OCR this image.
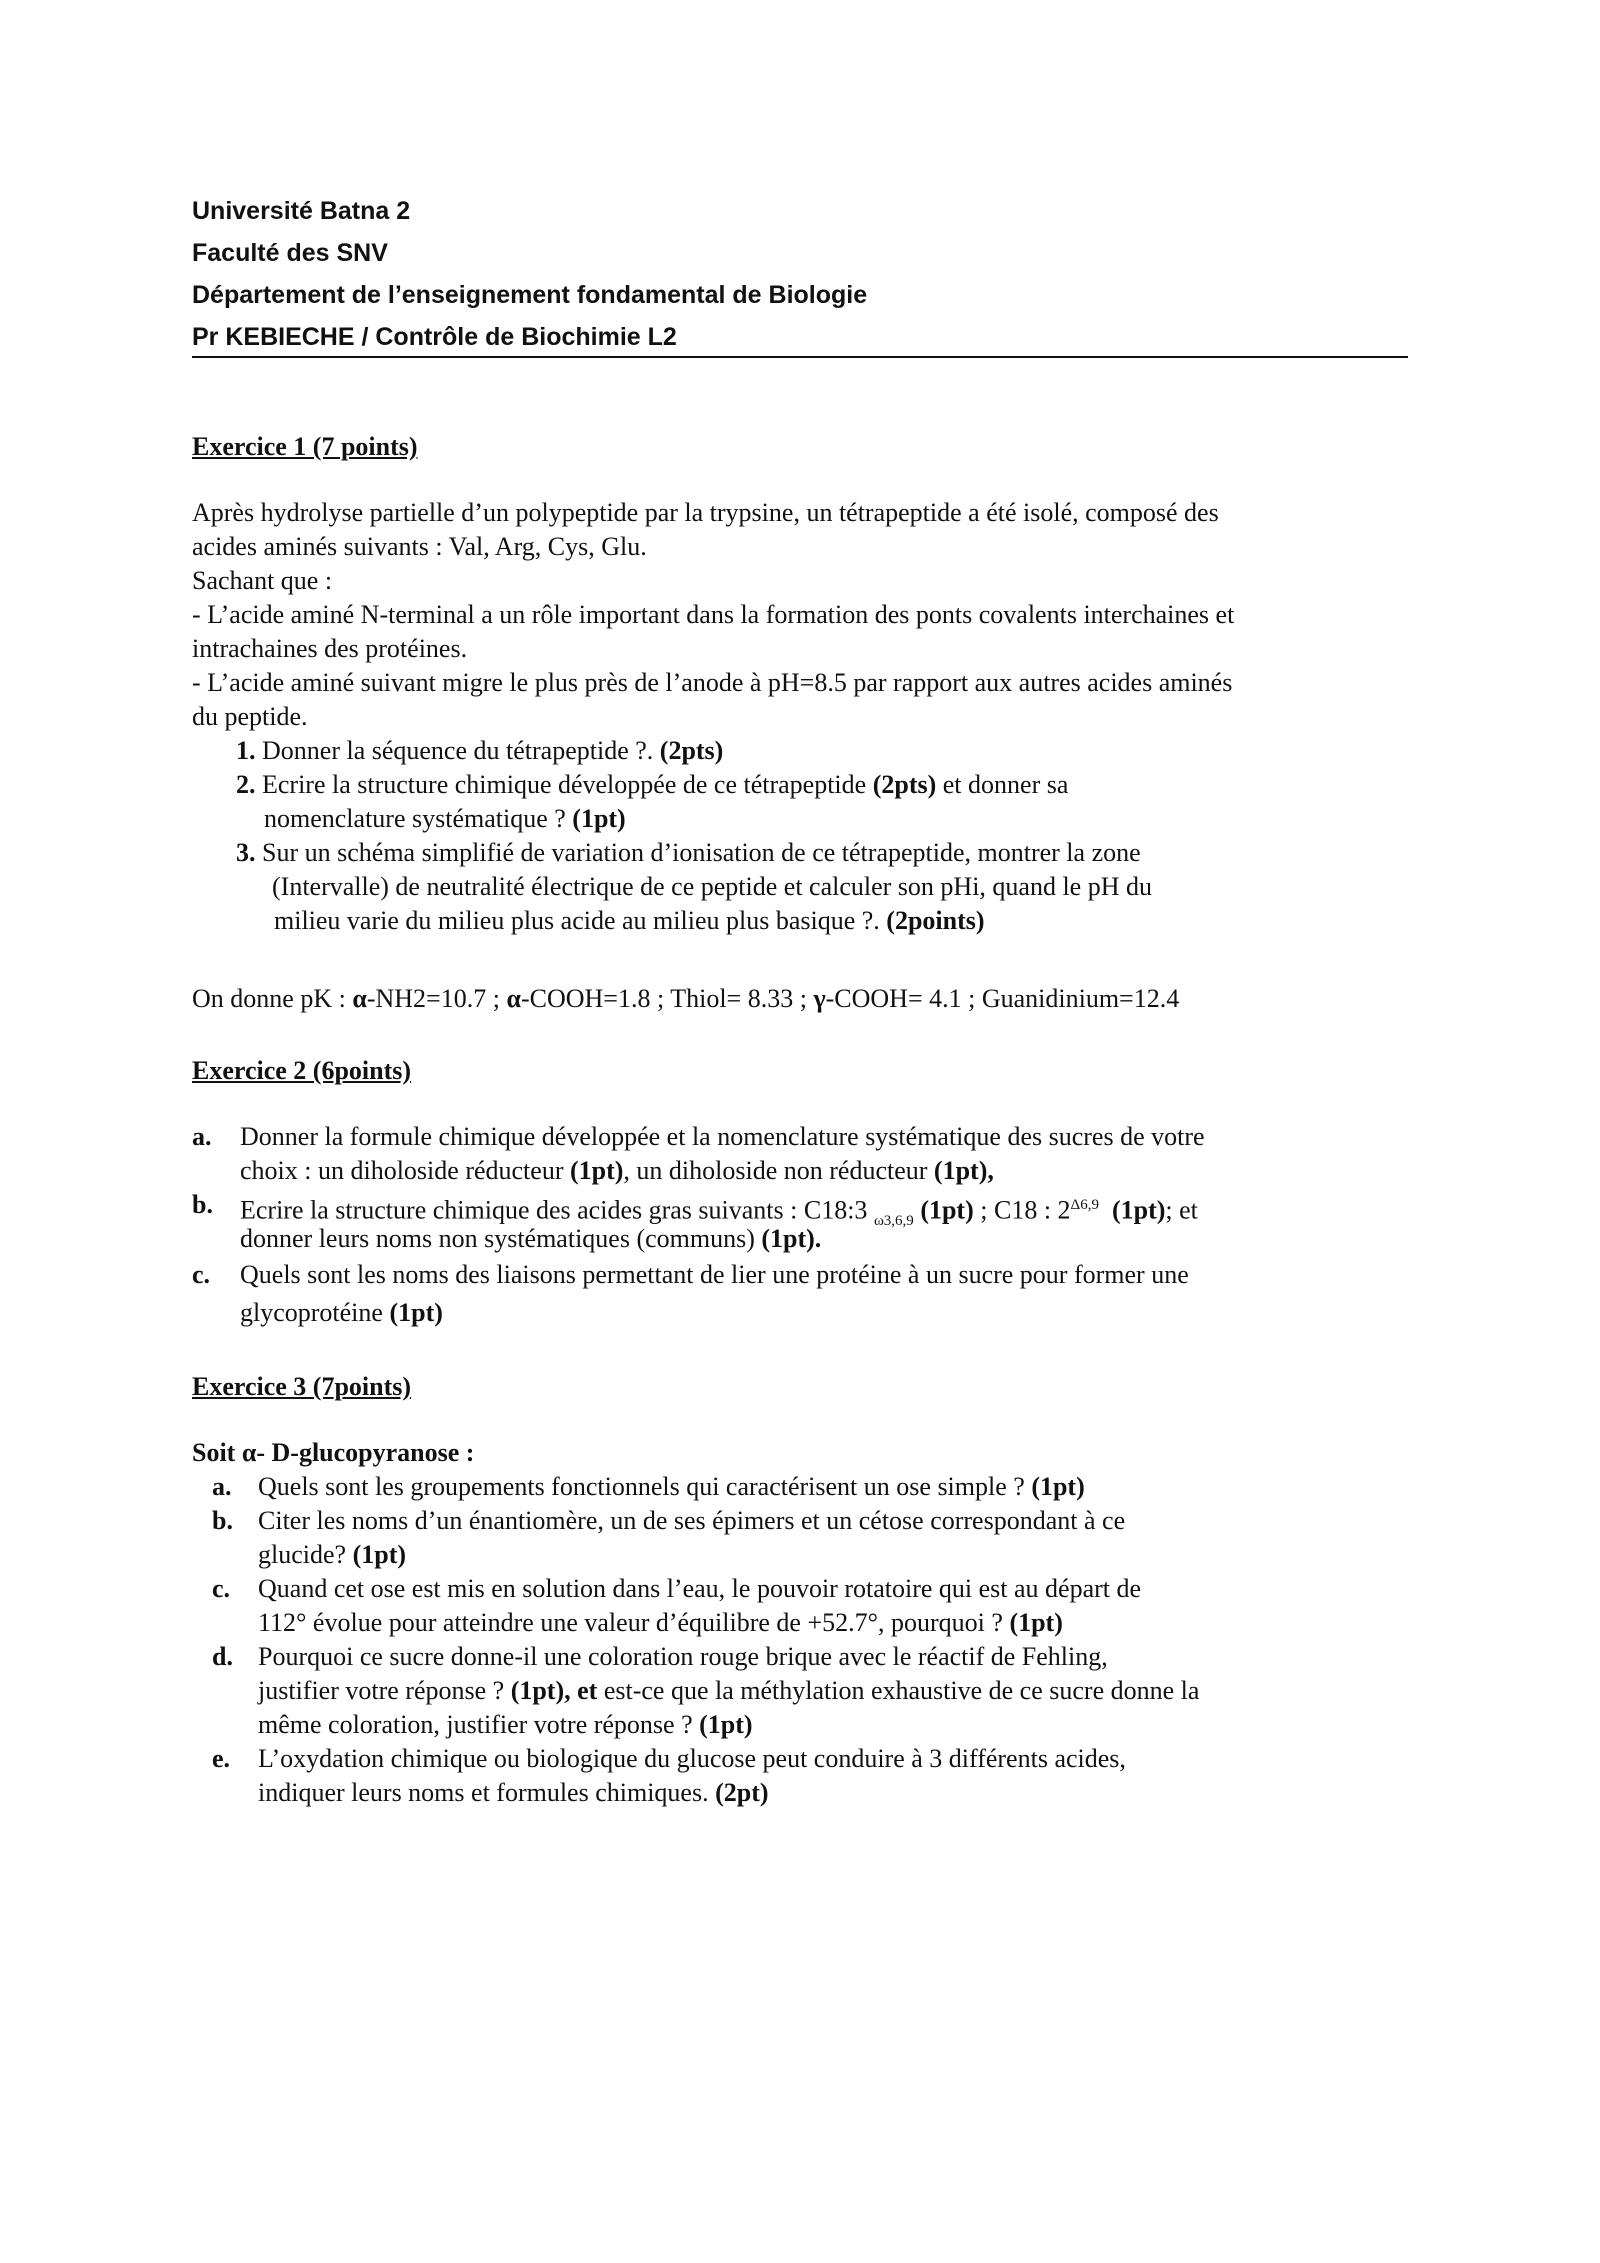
Université Batna 2
Faculté des SNV
Département de l’enseignement fondamental de Biologie
Pr KEBIECHE / Contrôle de Biochimie L2
Exercice 1 (7 points)
Après hydrolyse partielle d’un polypeptide par la trypsine, un tétrapeptide a été isolé, composé des
acides aminés suivants : Val, Arg, Cys, Glu.
Sachant que :
- L’acide aminé N-terminal a un rôle important dans la formation des ponts covalents interchaines et
intrachaines des protéines.
- L’acide aminé suivant migre le plus près de l’anode à pH=8.5 par rapport aux autres acides aminés
du peptide.
1. Donner la séquence du tétrapeptide ?. (2pts)
2. Ecrire la structure chimique développée de ce tétrapeptide (2pts) et donner sa
nomenclature systématique ? (1pt)
3. Sur un schéma simplifié de variation d’ionisation de ce tétrapeptide, montrer la zone
(Intervalle) de neutralité électrique de ce peptide et calculer son pHi, quand le pH du
milieu varie du milieu plus acide au milieu plus basique ?. (2points)
On donne pK : α-NH2=10.7 ; α-COOH=1.8 ; Thiol= 8.33 ; γ-COOH= 4.1 ; Guanidinium=12.4
Exercice 2 (6points)
a. Donner la formule chimique développée et la nomenclature systématique des sucres de votre
choix : un diholoside réducteur (1pt), un diholoside non réducteur (1pt),
b. Ecrire la structure chimique des acides gras suivants : C18:3 $_{\omega 3,6,9}$ (1pt) ; C18 : $2^{\Delta 6,9}$ (1pt); et
donner leurs noms non systématiques (communs) (1pt).
c. Quels sont les noms des liaisons permettant de lier une protéine à un sucre pour former une
glycoprotéine (1pt)
Exercice 3 (7points)
Soit α- D-glucopyranose :
a. Quels sont les groupements fonctionnels qui caractérisent un ose simple ? (1pt)
b. Citer les noms d’un énantiomère, un de ses épimers et un cétose correspondant à ce
glucide? (1pt)
c. Quand cet ose est mis en solution dans l’eau, le pouvoir rotatoire qui est au départ de
112° évolue pour atteindre une valeur d’équilibre de +52.7°, pourquoi ? (1pt)
d. Pourquoi ce sucre donne-il une coloration rouge brique avec le réactif de Fehling,
justifier votre réponse ? (1pt), et est-ce que la méthylation exhaustive de ce sucre donne la
même coloration, justifier votre réponse ? (1pt)
e. L’oxydation chimique ou biologique du glucose peut conduire à 3 différents acides,
indiquer leurs noms et formules chimiques. (2pt)
